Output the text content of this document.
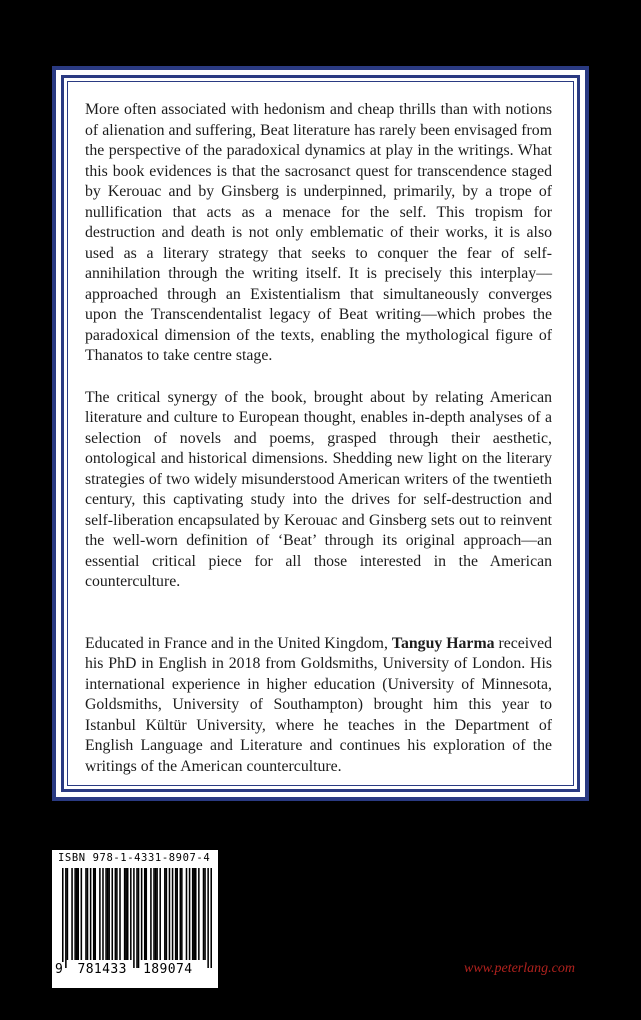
More often associated with hedonism and cheap thrills than with notions of alienation and suffering, Beat literature has rarely been envisaged from the perspective of the paradoxical dynamics at play in the writings. What this book evidences is that the sacrosanct quest for transcendence staged by Kerouac and by Ginsberg is underpinned, primarily, by a trope of nullification that acts as a menace for the self. This tropism for destruction and death is not only emblematic of their works, it is also used as a literary strategy that seeks to conquer the fear of self-annihilation through the writing itself. It is precisely this interplay—approached through an Existentialism that simultaneously converges upon the Transcendentalist legacy of Beat writing—which probes the paradoxical dimension of the texts, enabling the mythological figure of Thanatos to take centre stage.

The critical synergy of the book, brought about by relating American literature and culture to European thought, enables in-depth analyses of a selection of novels and poems, grasped through their aesthetic, ontological and historical dimensions. Shedding new light on the literary strategies of two widely misunderstood American writers of the twentieth century, this captivating study into the drives for self-destruction and self-liberation encapsulated by Kerouac and Ginsberg sets out to reinvent the well-worn definition of ‘Beat’ through its original approach—an essential critical piece for all those interested in the American counterculture.

Educated in France and in the United Kingdom, Tanguy Harma received his PhD in English in 2018 from Goldsmiths, University of London. His international experience in higher education (University of Minnesota, Goldsmiths, University of Southampton) brought him this year to Istanbul Kültür University, where he teaches in the Department of English Language and Literature and continues his exploration of the writings of the American counterculture.

ISBN 978-1-4331-8907-4
9 781433 189074	www.peterlang.com
